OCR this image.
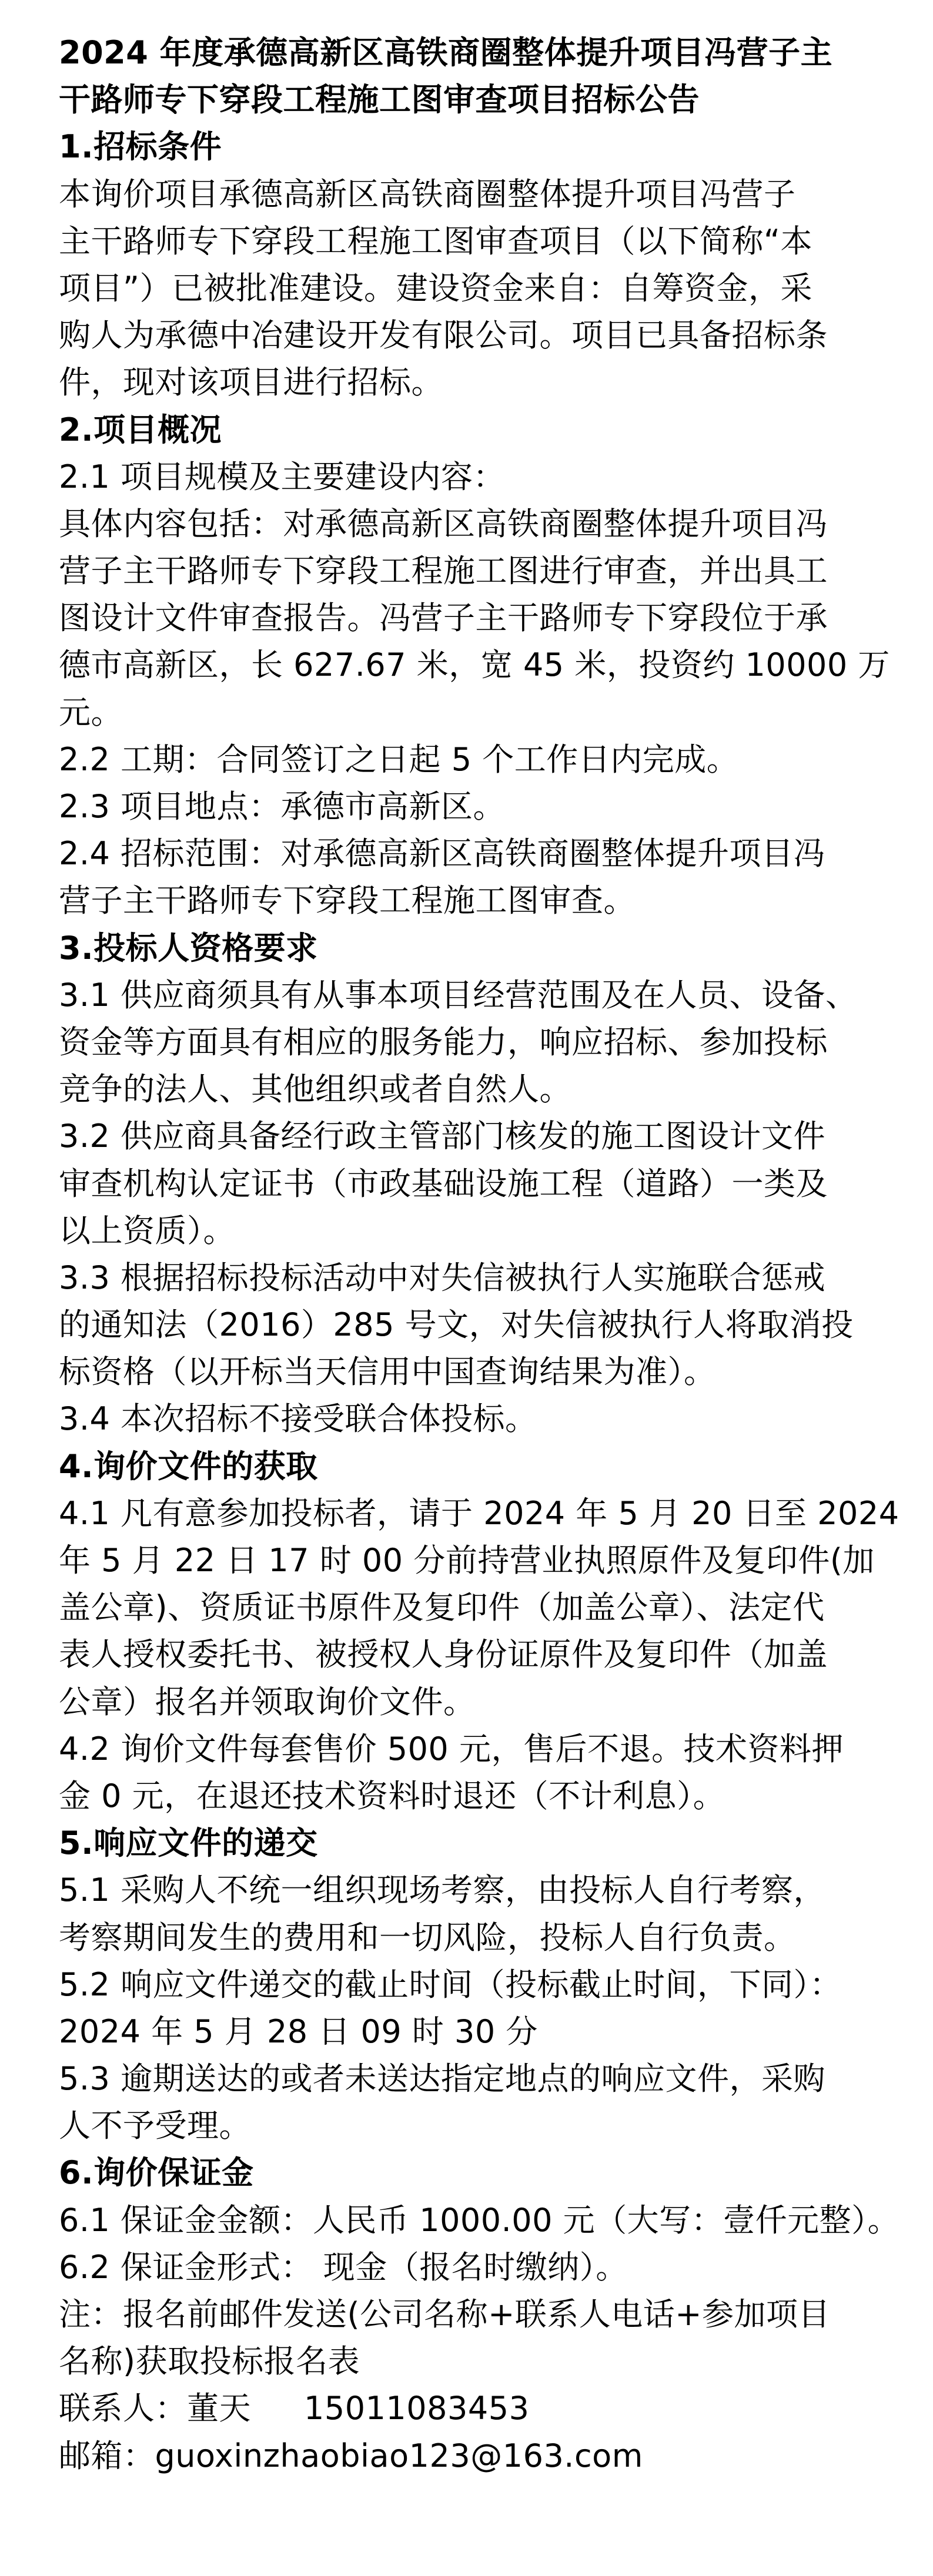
2024 年度承德高新区高铁商圈整体提升项目冯营子主
干路师专下穿段工程施工图审查项目招标公告
1.招标条件
本询价项目承德高新区高铁商圈整体提升项目冯营子
主干路师专下穿段工程施工图审查项目（以下简称“本
项目”）已被批准建设。建设资金来自：自筹资金，采
购人为承德中冶建设开发有限公司。项目已具备招标条
件，现对该项目进行招标。
2.项目概况
2.1 项目规模及主要建设内容：
具体内容包括：对承德高新区高铁商圈整体提升项目冯
营子主干路师专下穿段工程施工图进行审查，并出具工
图设计文件审查报告。冯营子主干路师专下穿段位于承
德市高新区，长 627.67 米，宽 45 米，投资约 10000 万
元。
2.2 工期：合同签订之日起 5 个工作日内完成。
2.3 项目地点：承德市高新区。
2.4 招标范围：对承德高新区高铁商圈整体提升项目冯
营子主干路师专下穿段工程施工图审查。
3.投标人资格要求
3.1 供应商须具有从事本项目经营范围及在人员、设备、
资金等方面具有相应的服务能力，响应招标、参加投标
竞争的法人、其他组织或者自然人。
3.2 供应商具备经行政主管部门核发的施工图设计文件
审查机构认定证书（市政基础设施工程（道路）一类及
以上资质）。
3.3 根据招标投标活动中对失信被执行人实施联合惩戒
的通知法（2016）285 号文，对失信被执行人将取消投
标资格（以开标当天信用中国查询结果为准）。
3.4 本次招标不接受联合体投标。
4.询价文件的获取
4.1 凡有意参加投标者，请于 2024 年 5 月 20 日至 2024
年 5 月 22 日 17 时 00 分前持营业执照原件及复印件(加
盖公章)、资质证书原件及复印件（加盖公章）、法定代
表人授权委托书、被授权人身份证原件及复印件（加盖
公章）报名并领取询价文件。
4.2 询价文件每套售价 500 元，售后不退。技术资料押
金 0 元，在退还技术资料时退还（不计利息）。
5.响应文件的递交
5.1 采购人不统一组织现场考察，由投标人自行考察，
考察期间发生的费用和一切风险，投标人自行负责。
5.2 响应文件递交的截止时间（投标截止时间，下同）：
2024 年 5 月 28 日 09 时 30 分
5.3 逾期送达的或者未送达指定地点的响应文件，采购
人不予受理。
6.询价保证金
6.1 保证金金额：人民币 1000.00 元（大写：壹仟元整）。
6.2 保证金形式： 现金（报名时缴纳）。
注：报名前邮件发送(公司名称+联系人电话+参加项目
名称)获取投标报名表
联系人：董天 15011083453
邮箱：guoxinzhaobiao123@163.com
